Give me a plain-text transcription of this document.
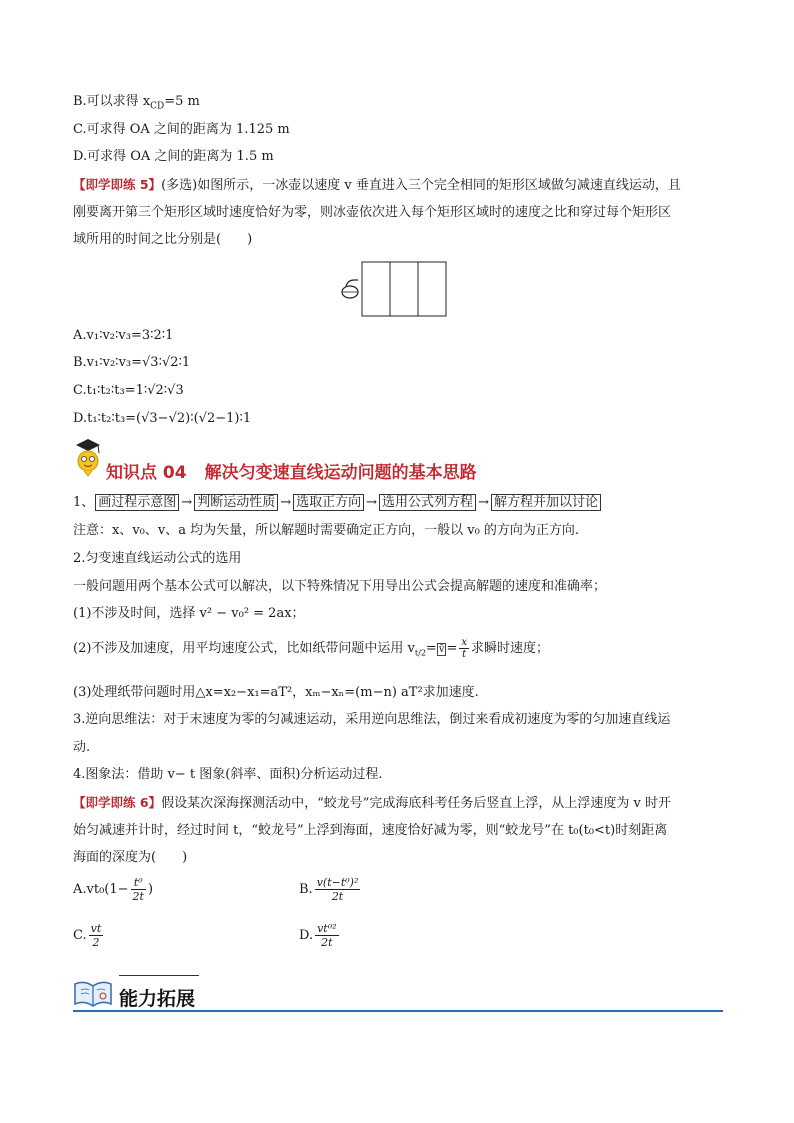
B.可以求得 $x_{CD}=5$ m
C.可求得 OA 之间的距离为 1.125 m
D.可求得 OA 之间的距离为 1.5 m
【即学即练 5】(多选)如图所示，一冰壶以速度 v 垂直进入三个完全相同的矩形区域做匀减速直线运动，且
刚要离开第三个矩形区域时速度恰好为零，则冰壶依次进入每个矩形区域时的速度之比和穿过每个矩形区
域所用的时间之比分别是(　　)
A.v₁∶v₂∶v₃=3∶2∶1
B.v₁∶v₂∶v₃=√3∶√2∶1
C.t₁∶t₂∶t₃=1∶√2∶√3
D.t₁∶t₂∶t₃=(√3−√2)∶(√2−1)∶1
知识点 04 解决匀变速直线运动问题的基本思路
1、 画过程示意图 → 判断运动性质 → 选取正方向 → 选用公式列方程 → 解方程并加以讨论
注意：x、v₀、v、a 均为矢量，所以解题时需要确定正方向，一般以 v₀ 的方向为正方向.
2.匀变速直线运动公式的选用
一般问题用两个基本公式可以解决，以下特殊情况下用导出公式会提高解题的速度和准确率；
(1)不涉及时间，选择 v² − v₀² = 2ax；
(2)不涉及加速度，用平均速度公式，比如纸带问题中运用 $v_{t/2}=$ v̄ = $\frac{x}{t}$ 求瞬时速度；
(3)处理纸带问题时用△x=x₂−x₁=aT²，xₘ−xₙ=(m−n) aT²求加速度.
3.逆向思维法：对于末速度为零的匀减速运动，采用逆向思维法，倒过来看成初速度为零的匀加速直线运
动.
4.图象法：借助 v− t 图象(斜率、面积)分析运动过程.
【即学即练 6】假设某次深海探测活动中，“蛟龙号”完成海底科考任务后竖直上浮，从上浮速度为 v 时开
始匀减速并计时，经过时间 t，“蛟龙号”上浮到海面，速度恰好减为零，则“蛟龙号”在 t₀(t₀<t)时刻距离
海面的深度为(　　)
$A.vt_0(1- \frac{\text{t⁰}}{2t}$ )	B. $\frac{\text{v(t−t⁰)²}}{2t}$
C. $\frac{vt}{2}$	D. $\frac{\text{vt⁰²}}{2t}$
能力拓展
